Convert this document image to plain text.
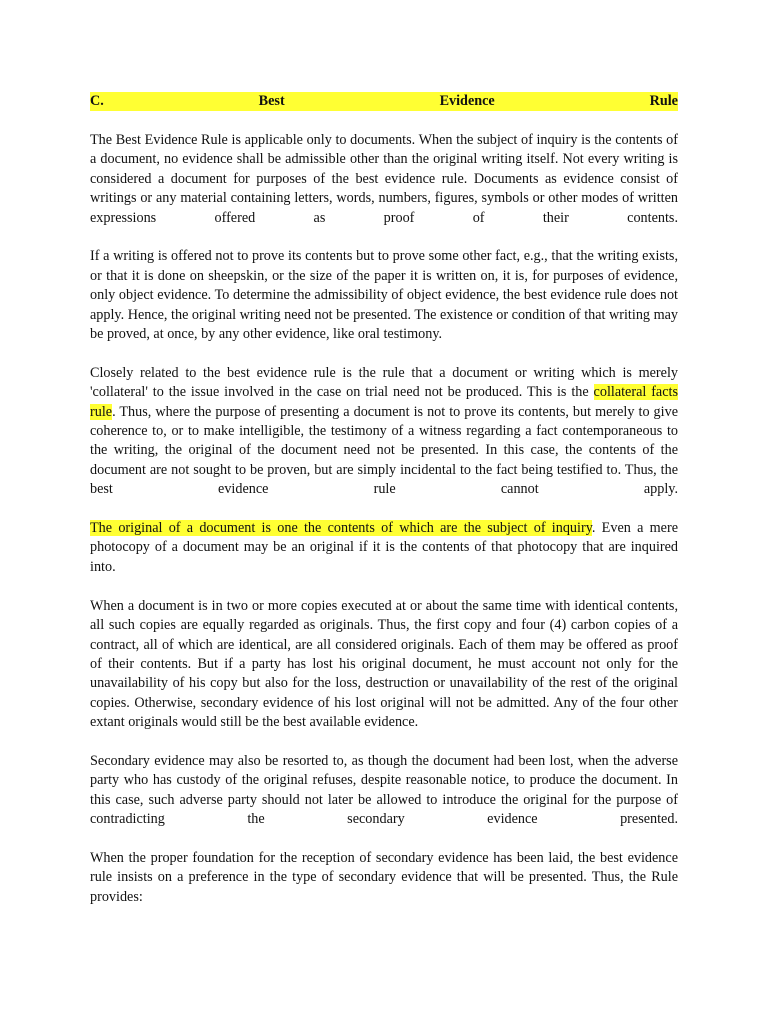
C.	Best	Evidence	Rule

The Best Evidence Rule is applicable only to documents. When the subject of inquiry is the contents of a document, no evidence shall be admissible other than the original writing itself. Not every writing is considered a document for purposes of the best evidence rule. Documents as evidence consist of writings or any material containing letters, words, numbers, figures, symbols or other modes of written expressions offered as proof of their contents.

If a writing is offered not to prove its contents but to prove some other fact, e.g., that the writing exists, or that it is done on sheepskin, or the size of the paper it is written on, it is, for purposes of evidence, only object evidence. To determine the admissibility of object evidence, the best evidence rule does not apply. Hence, the original writing need not be presented. The existence or condition of that writing may be proved, at once, by any other evidence, like oral testimony.

Closely related to the best evidence rule is the rule that a document or writing which is merely 'collateral' to the issue involved in the case on trial need not be produced. This is the collateral facts rule. Thus, where the purpose of presenting a document is not to prove its contents, but merely to give coherence to, or to make intelligible, the testimony of a witness regarding a fact contemporaneous to the writing, the original of the document need not be presented. In this case, the contents of the document are not sought to be proven, but are simply incidental to the fact being testified to. Thus, the best evidence rule cannot apply.

The original of a document is one the contents of which are the subject of inquiry. Even a mere photocopy of a document may be an original if it is the contents of that photocopy that are inquired into.

When a document is in two or more copies executed at or about the same time with identical contents, all such copies are equally regarded as originals. Thus, the first copy and four (4) carbon copies of a contract, all of which are identical, are all considered originals. Each of them may be offered as proof of their contents. But if a party has lost his original document, he must account not only for the unavailability of his copy but also for the loss, destruction or unavailability of the rest of the original copies. Otherwise, secondary evidence of his lost original will not be admitted. Any of the four other extant originals would still be the best available evidence.

Secondary evidence may also be resorted to, as though the document had been lost, when the adverse party who has custody of the original refuses, despite reasonable notice, to produce the document. In this case, such adverse party should not later be allowed to introduce the original for the purpose of contradicting the secondary evidence presented.

When the proper foundation for the reception of secondary evidence has been laid, the best evidence rule insists on a preference in the type of secondary evidence that will be presented. Thus, the Rule provides:
